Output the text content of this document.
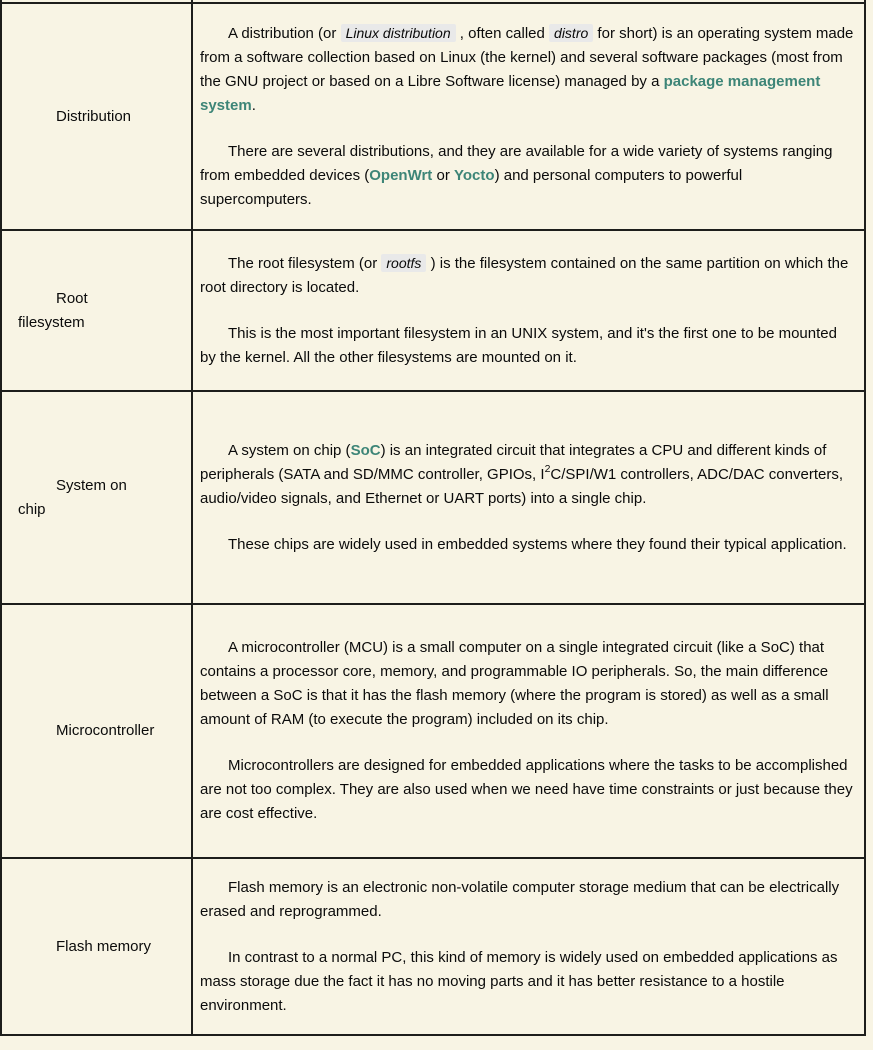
Distribution	A distribution (or Linux distribution , often called distro for short) is an operating system made from a software collection based on Linux (the kernel) and several software packages (most from the GNU project or based on a Libre Software license) managed by a package management system.

There are several distributions, and they are available for a wide variety of systems ranging from embedded devices (OpenWrt or Yocto) and personal computers to powerful supercomputers.

Root filesystem	The root filesystem (or rootfs ) is the filesystem contained on the same partition on which the root directory is located.

This is the most important filesystem in an UNIX system, and it's the first one to be mounted by the kernel. All the other filesystems are mounted on it.

System on chip	A system on chip (SoC) is an integrated circuit that integrates a CPU and different kinds of peripherals (SATA and SD/MMC controller, GPIOs, $I^2C/SPI/W1$ controllers, ADC/DAC converters, audio/video signals, and Ethernet or UART ports) into a single chip.

These chips are widely used in embedded systems where they found their typical application.

Microcontroller	A microcontroller (MCU) is a small computer on a single integrated circuit (like a SoC) that contains a processor core, memory, and programmable IO peripherals. So, the main difference between a SoC is that it has the flash memory (where the program is stored) as well as a small amount of RAM (to execute the program) included on its chip.

Microcontrollers are designed for embedded applications where the tasks to be accomplished are not too complex. They are also used when we need have time constraints or just because they are cost effective.

Flash memory	Flash memory is an electronic non-volatile computer storage medium that can be electrically erased and reprogrammed.

In contrast to a normal PC, this kind of memory is widely used on embedded applications as mass storage due the fact it has no moving parts and it has better resistance to a hostile environment.
